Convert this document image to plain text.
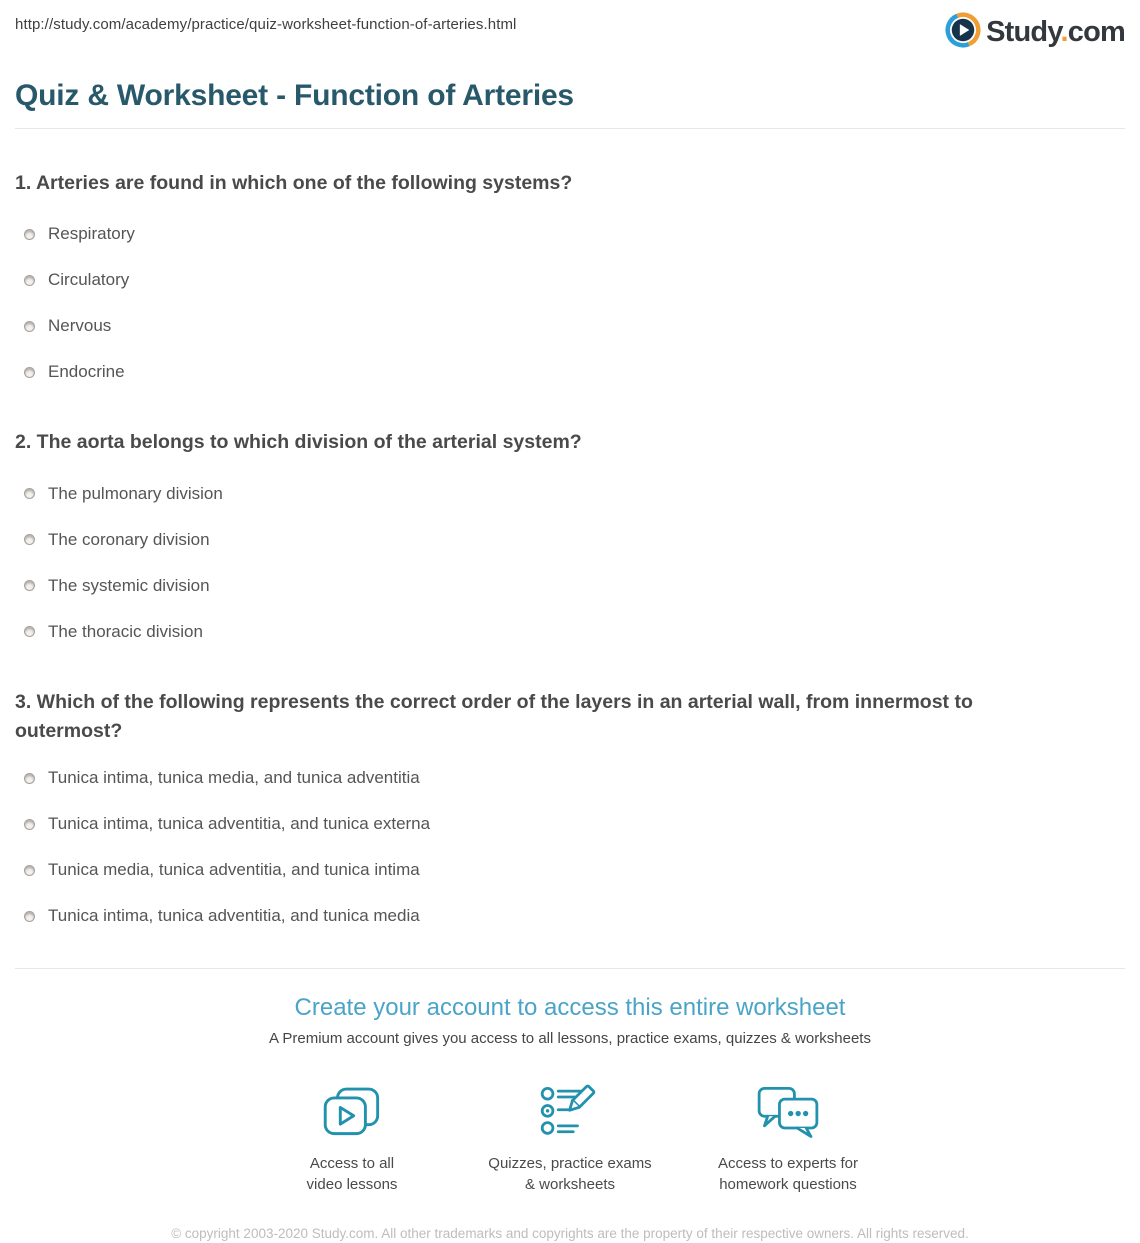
http://study.com/academy/practice/quiz-worksheet-function-of-arteries.html	Study.com
Quiz & Worksheet - Function of Arteries
1. Arteries are found in which one of the following systems?
Respiratory
Circulatory
Nervous
Endocrine
2. The aorta belongs to which division of the arterial system?
The pulmonary division
The coronary division
The systemic division
The thoracic division
3. Which of the following represents the correct order of the layers in an arterial wall, from innermost to outermost?
Tunica intima, tunica media, and tunica adventitia
Tunica intima, tunica adventitia, and tunica externa
Tunica media, tunica adventitia, and tunica intima
Tunica intima, tunica adventitia, and tunica media
Create your account to access this entire worksheet
A Premium account gives you access to all lessons, practice exams, quizzes & worksheets
Access to all
video lessons
Quizzes, practice exams
& worksheets
Access to experts for
homework questions
© copyright 2003-2020 Study.com. All other trademarks and copyrights are the property of their respective owners. All rights reserved.
